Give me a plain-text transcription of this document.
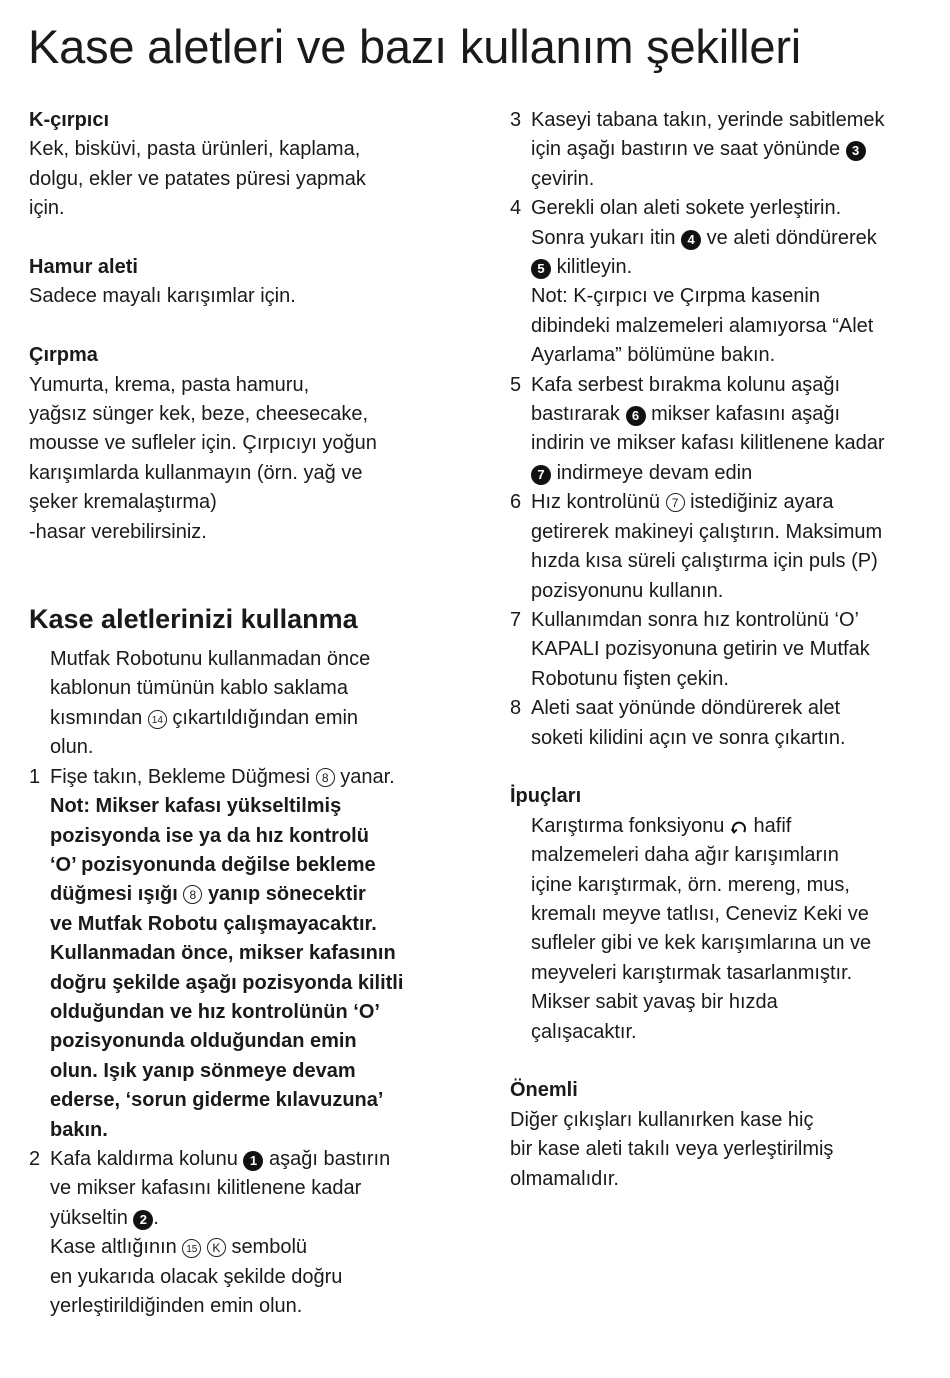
Kase aletleri ve bazı kullanım şekilleri

K-çırpıcı

Kek, bisküvi, pasta ürünleri, kaplama,
dolgu, ekler ve patates püresi yapmak
için.

Hamur aleti

Sadece mayalı karışımlar için.

Çırpma

Yumurta, krema, pasta hamuru,
yağsız sünger kek, beze, cheesecake,
mousse ve sufleler için. Çırpıcıyı yoğun
karışımlarda kullanmayın (örn. yağ ve
şeker kremalaştırma)
-hasar verebilirsiniz.

Kase aletlerinizi kullanma

Mutfak Robotunu kullanmadan önce
kablonun tümünün kablo saklama
kısmından 14 çıkartıldığından emin
olun.
1 Fişe takın, Bekleme Düğmesi 8 yanar.
Not: Mikser kafası yükseltilmiş
pozisyonda ise ya da hız kontrolü
‘O’ pozisyonunda değilse bekleme
düğmesi ışığı 8 yanıp sönecektir
ve Mutfak Robotu çalışmayacaktır.
Kullanmadan önce, mikser kafasının
doğru şekilde aşağı pozisyonda kilitli
olduğundan ve hız kontrolünün ‘O’
pozisyonunda olduğundan emin
olun. Işık yanıp sönmeye devam
ederse, ‘sorun giderme kılavuzuna’
bakın.
2 Kafa kaldırma kolunu 1 aşağı bastırın
ve mikser kafasını kilitlenene kadar
yükseltin 2 .
Kase altlığının 15 K sembolü
en yukarıda olacak şekilde doğru
yerleştirildiğinden emin olun.
3 Kaseyi tabana takın, yerinde sabitlemek
için aşağı bastırın ve saat yönünde 3
çevirin.
4 Gerekli olan aleti sokete yerleştirin.
Sonra yukarı itin 4 ve aleti döndürerek
5 kilitleyin.
Not: K-çırpıcı ve Çırpma kasenin
dibindeki malzemeleri alamıyorsa “Alet
Ayarlama” bölümüne bakın.
5 Kafa serbest bırakma kolunu aşağı
bastırarak 6 mikser kafasını aşağı
indirin ve mikser kafası kilitlenene kadar
7 indirmeye devam edin
6 Hız kontrolünü 7 istediğiniz ayara
getirerek makineyi çalıştırın. Maksimum
hızda kısa süreli çalıştırma için puls (P)
pozisyonunu kullanın.
7 Kullanımdan sonra hız kontrolünü ‘O’
KAPALI pozisyonuna getirin ve Mutfak
Robotunu fişten çekin.
8 Aleti saat yönünde döndürerek alet
soketi kilidini açın ve sonra çıkartın.

İpuçları

Karıştırma fonksiyonu hafif
malzemeleri daha ağır karışımların
içine karıştırmak, örn. mereng, mus,
kremalı meyve tatlısı, Ceneviz Keki ve
sufleler gibi ve kek karışımlarına un ve
meyveleri karıştırmak tasarlanmıştır.
Mikser sabit yavaş bir hızda
çalışacaktır.

Önemli

Diğer çıkışları kullanırken kase hiç
bir kase aleti takılı veya yerleştirilmiş
olmamalıdır.
